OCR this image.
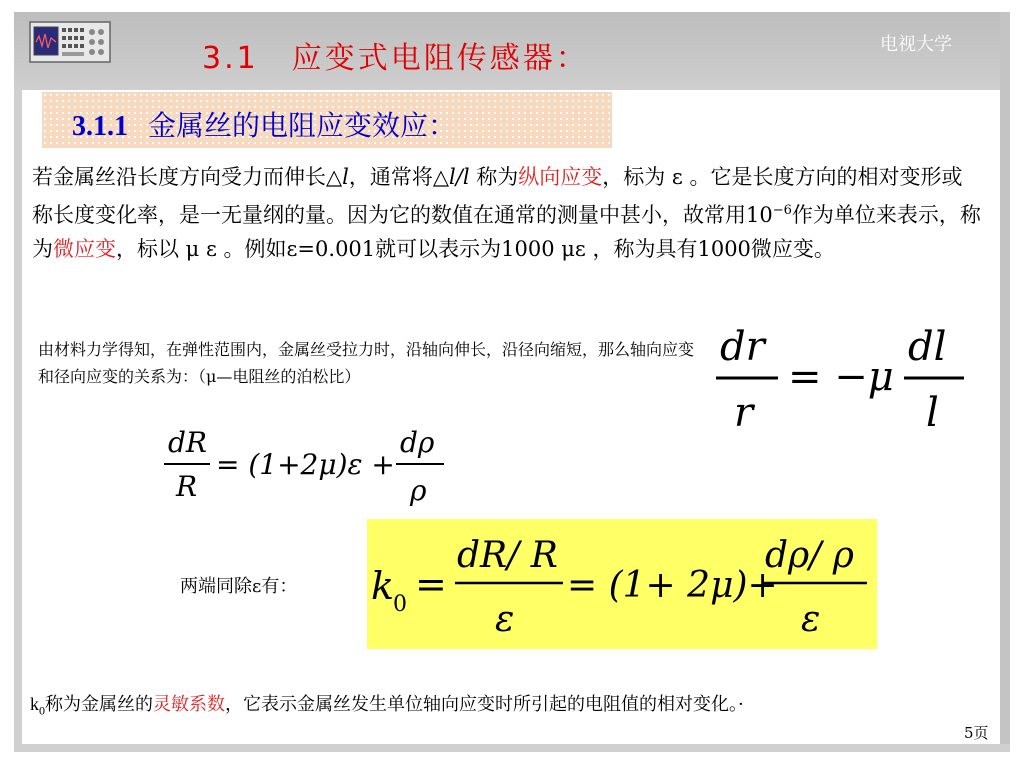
3.1　应变式电阻传感器：	电视大学
3.1.1 金属丝的电阻应变效应：
若金属丝沿长度方向受力而伸长△l，通常将△l/l 称为纵向应变，标为 ε 。它是长度方向的相对变形或称长度变化率，是一无量纲的量。因为它的数值在通常的测量中甚小，故常用$10^{-6}$作为单位来表示，称为微应变，标以 μ ε 。例如ε=0.001就可以表示为1000 με ，称为具有1000微应变。
由材料力学得知，在弹性范围内，金属丝受拉力时，沿轴向伸长，沿径向缩短，那么轴向应变和径向应变的关系为：（μ—电阻丝的泊松比）
dr
r
= −μ
dl
l
dR
R
= (1+2μ)ε +
dρ
ρ
k
0 =
dR/ R
ε
= (1+ 2μ)+
dρ/ ρ
ε
两端同除ε有：
$k_0$称为金属丝的灵敏系数，它表示金属丝发生单位轴向应变时所引起的电阻值的相对变化。·
5页
